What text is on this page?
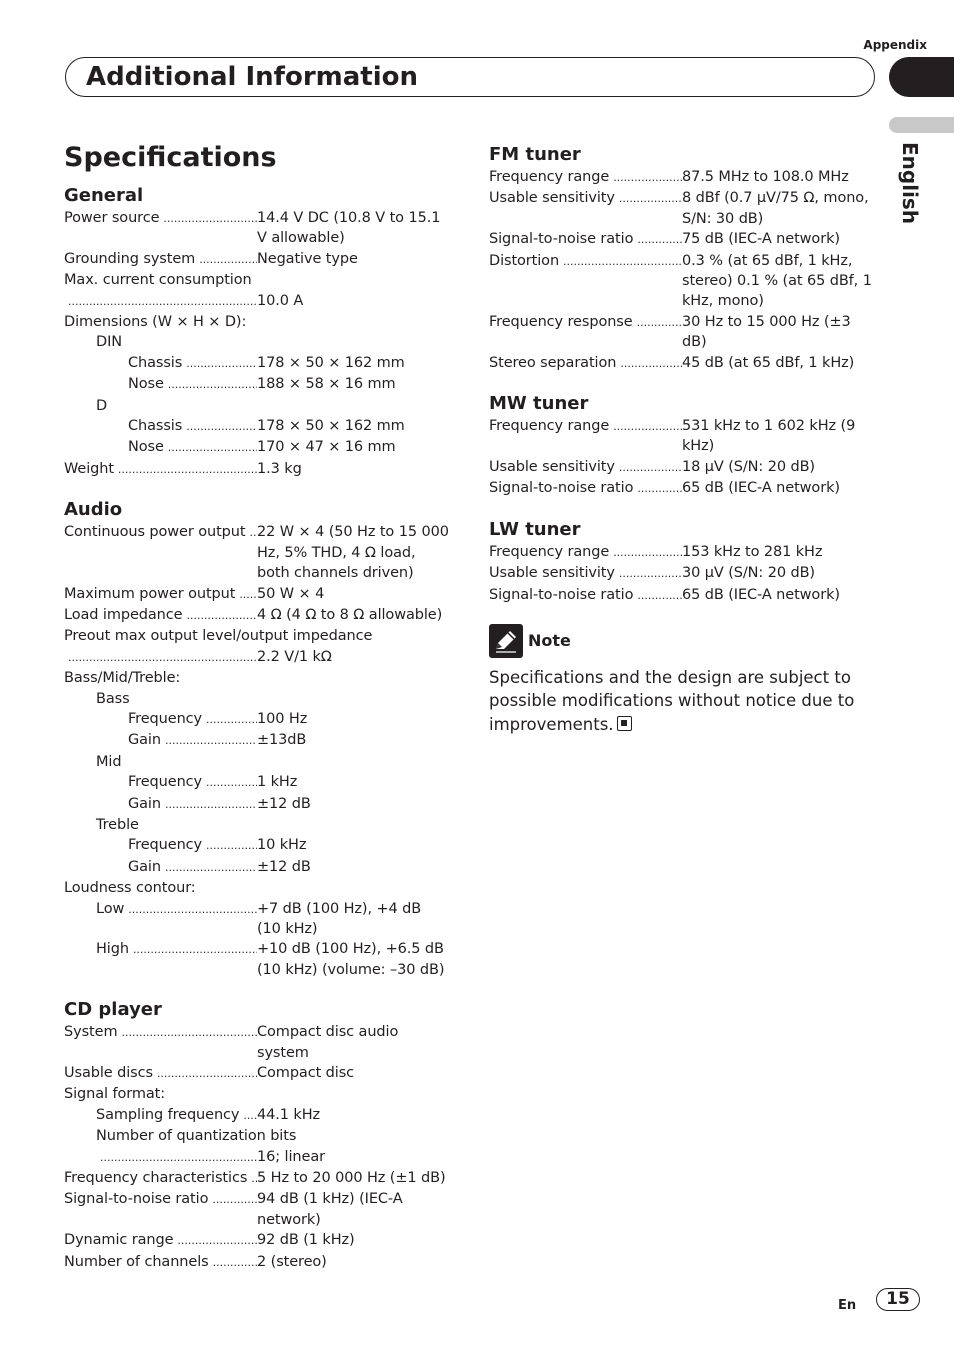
Appendix
Additional Information
English
Specifications
General
Power source .....	14.4 V DC (10.8 V to 15.1 V allowable)
Grounding system .....	Negative type
Max. current consumption
.....
10.0 A
Dimensions (W × H × D):
DIN
Chassis .....	178 × 50 × 162 mm
Nose .....	188 × 58 × 16 mm
D
Chassis .....	178 × 50 × 162 mm
Nose .....	170 × 47 × 16 mm
Weight .....	1.3 kg
Audio
Continuous power output ..... 22 W × 4 (50 Hz to 15 000 Hz, 5% THD, 4 Ω load, both channels driven)
Maximum power output ..... 50 W × 4
Load impedance .....	4 Ω (4 Ω to 8 Ω allowable)
Preout max output level/output impedance
.....
2.2 V/1 kΩ
Bass/Mid/Treble:
Bass
Frequency .....	100 Hz
Gain .....	±13dB
Mid
Frequency .....	1 kHz
Gain .....	±12 dB
Treble
Frequency .....	10 kHz
Gain .....	±12 dB
Loudness contour:
Low .....	+7 dB (100 Hz), +4 dB (10 kHz)
High .....	+10 dB (100 Hz), +6.5 dB (10 kHz) (volume: –30 dB)
CD player
System .....	Compact disc audio system
Usable discs .....	Compact disc
Signal format:
Sampling frequency ..... 44.1 kHz
Number of quantization bits
.....
16; linear
Frequency characteristics ..... 5 Hz to 20 000 Hz (±1 dB)
Signal-to-noise ratio .....	94 dB (1 kHz) (IEC-A network)
Dynamic range .....	92 dB (1 kHz)
Number of channels .....	2 (stereo)
FM tuner
Frequency range .....	87.5 MHz to 108.0 MHz
Usable sensitivity .....	8 dBf (0.7 µV/75 Ω, mono, S/N: 30 dB)
Signal-to-noise ratio .....	75 dB (IEC-A network)
Distortion .....	0.3 % (at 65 dBf, 1 kHz, stereo) 0.1 % (at 65 dBf, 1 kHz, mono)
Frequency response .....	30 Hz to 15 000 Hz (±3 dB)
Stereo separation .....	45 dB (at 65 dBf, 1 kHz)
MW tuner
Frequency range .....	531 kHz to 1 602 kHz (9 kHz)
Usable sensitivity .....	18 µV (S/N: 20 dB)
Signal-to-noise ratio .....	65 dB (IEC-A network)
LW tuner
Frequency range .....	153 kHz to 281 kHz
Usable sensitivity .....	30 µV (S/N: 20 dB)
Signal-to-noise ratio .....	65 dB (IEC-A network)
Note

Specifications and the design are subject to possible modifications without notice due to improvements.

En	15
